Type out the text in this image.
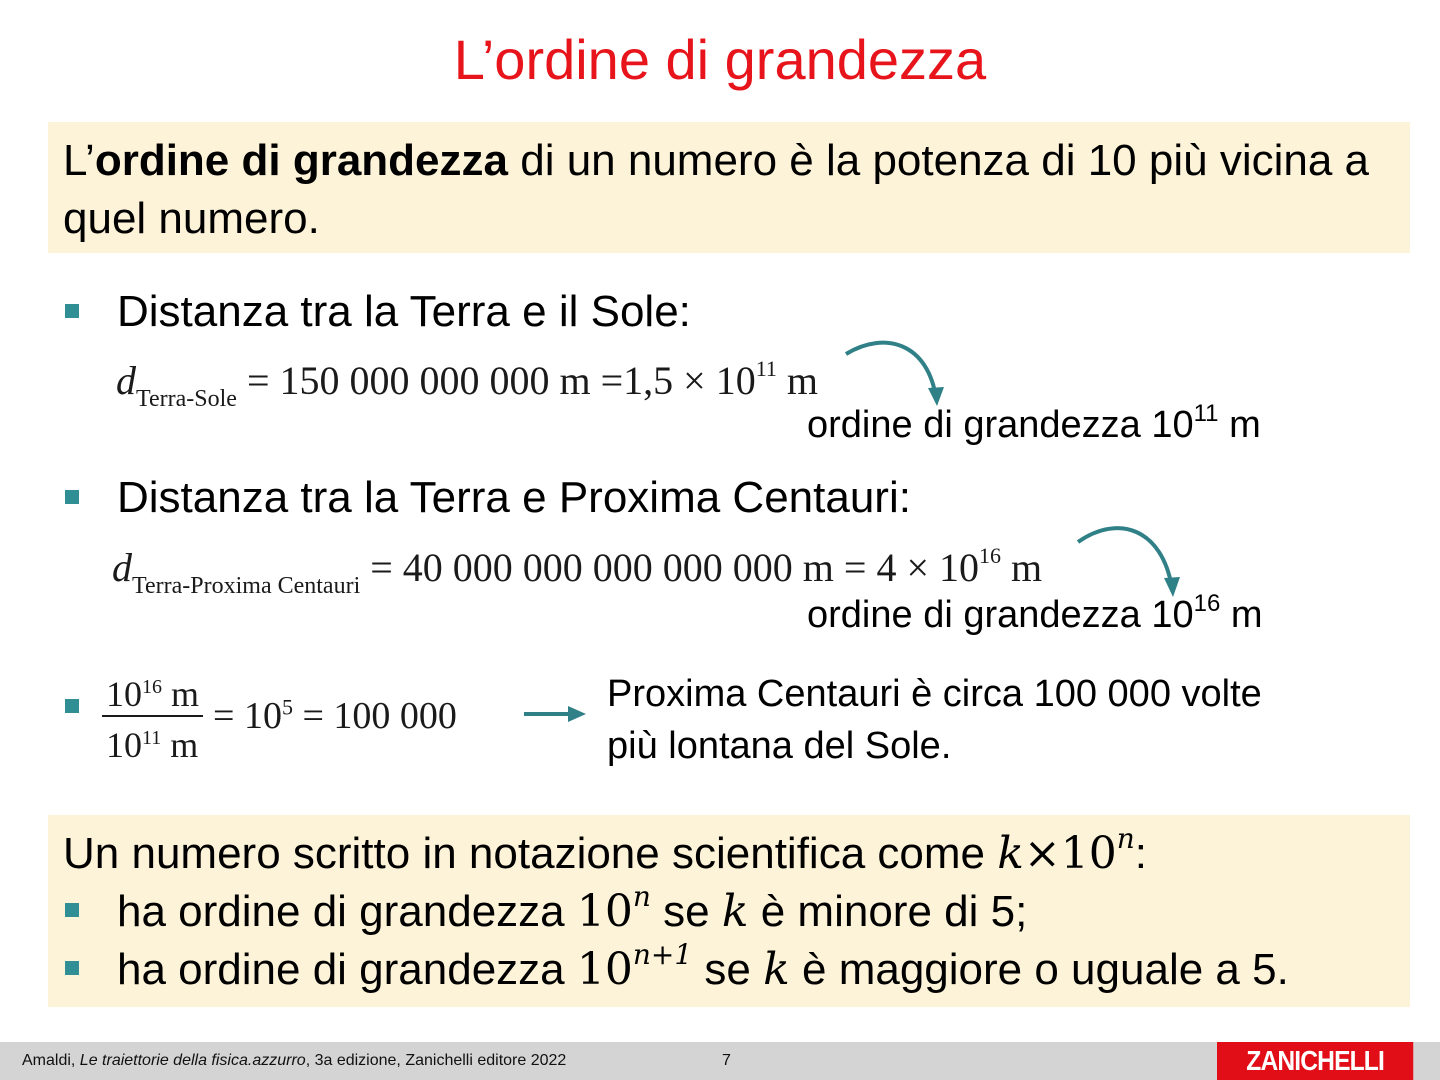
L’ordine di grandezza
L’ordine di grandezza di un numero è la potenza di 10 più vicina a quel numero.
Distanza tra la Terra e il Sole:
$d_{Terra-Sole} = 150$ 000 000 000 $m =1,5 \times 10^{11}$ m
ordine di grandezza $10^{11}$ m
Distanza tra la Terra e Proxima Centauri:
$d_{Terra-Proxima Centauri} = 40$ 000 000 000 000 000 $m = 4 \times 10^{16}$ m
ordine di grandezza $10^{16}$ m
$\frac{10^{16} m}{10^{11} m} = 10^5 = 100$ 000
Proxima Centauri è circa 100 000 volte
più lontana del Sole.
Un numero scritto in notazione scientifica come $k\times 10^n$:
ha ordine di grandezza 10$^n$ se k è minore di 5;
ha ordine di grandezza $10^{n+1}$ se k è maggiore o uguale a 5.
Amaldi, Le traiettorie della fisica.azzurro, 3a edizione, Zanichelli editore 2022	7	ZANICHELLI
